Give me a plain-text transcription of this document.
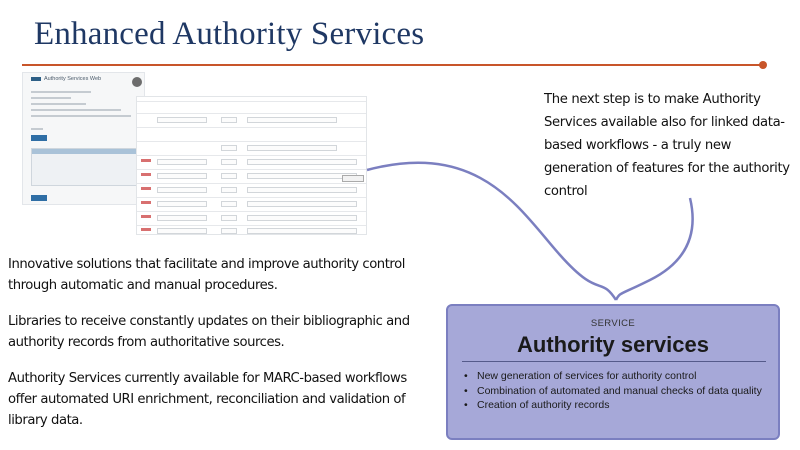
Enhanced Authority Services
Authority Services Web
The next step is to make Authority Services available also for linked data-based workflows - a truly new generation of features for the authority control

Innovative solutions that facilitate and improve authority control through automatic and manual procedures.

Libraries to receive constantly updates on their bibliographic and authority records from authoritative sources.

Authority Services currently available for MARC-based workflows offer automated URI enrichment, reconciliation and validation of library data.

SERVICE
Authority services
• New generation of services for authority control
• Combination of automated and manual checks of data quality
• Creation of authority records
